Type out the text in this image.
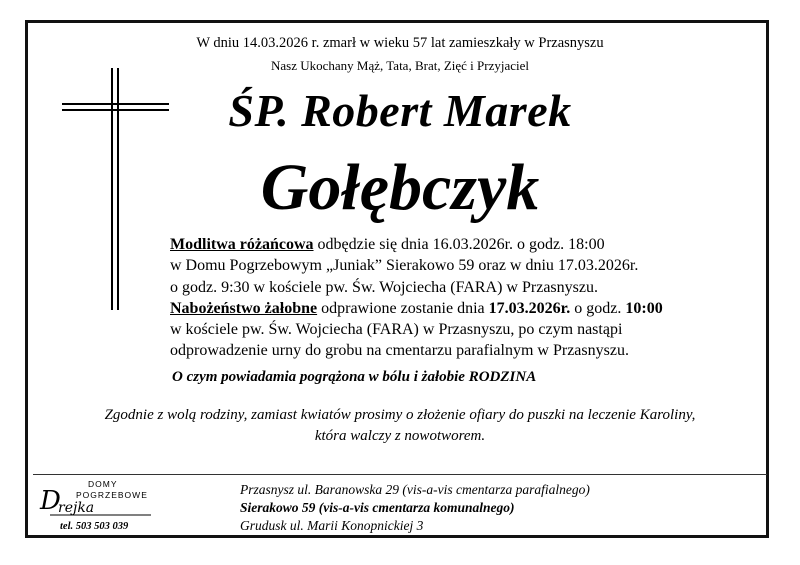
W dniu 14.03.2026 r. zmarł w wieku 57 lat zamieszkały w Przasnyszu
Nasz Ukochany Mąż, Tata, Brat, Zięć i Przyjaciel
ŚP. Robert Marek
Gołębczyk
Modlitwa różańcowa odbędzie się dnia 16.03.2026r. o godz. 18:00
w Domu Pogrzebowym „Juniak” Sierakowo 59 oraz w dniu 17.03.2026r.
o godz. 9:30 w kościele pw. Św. Wojciecha (FARA) w Przasnyszu.
Nabożeństwo żałobne odprawione zostanie dnia 17.03.2026r. o godz. 10:00
w kościele pw. Św. Wojciecha (FARA) w Przasnyszu, po czym nastąpi
odprowadzenie urny do grobu na cmentarzu parafialnym w Przasnyszu.
O czym powiadamia pogrążona w bólu i żałobie RODZINA
Zgodnie z wolą rodziny, zamiast kwiatów prosimy o złożenie ofiary do puszki na leczenie Karoliny,
która walczy z nowotworem.
DOMY
POGRZEBOWE
D
rejka
tel. 503 503 039
Przasnysz ul. Baranowska 29 (vis-a-vis cmentarza parafialnego)
Sierakowo 59 (vis-a-vis cmentarza komunalnego)
Grudusk ul. Marii Konopnickiej 3
